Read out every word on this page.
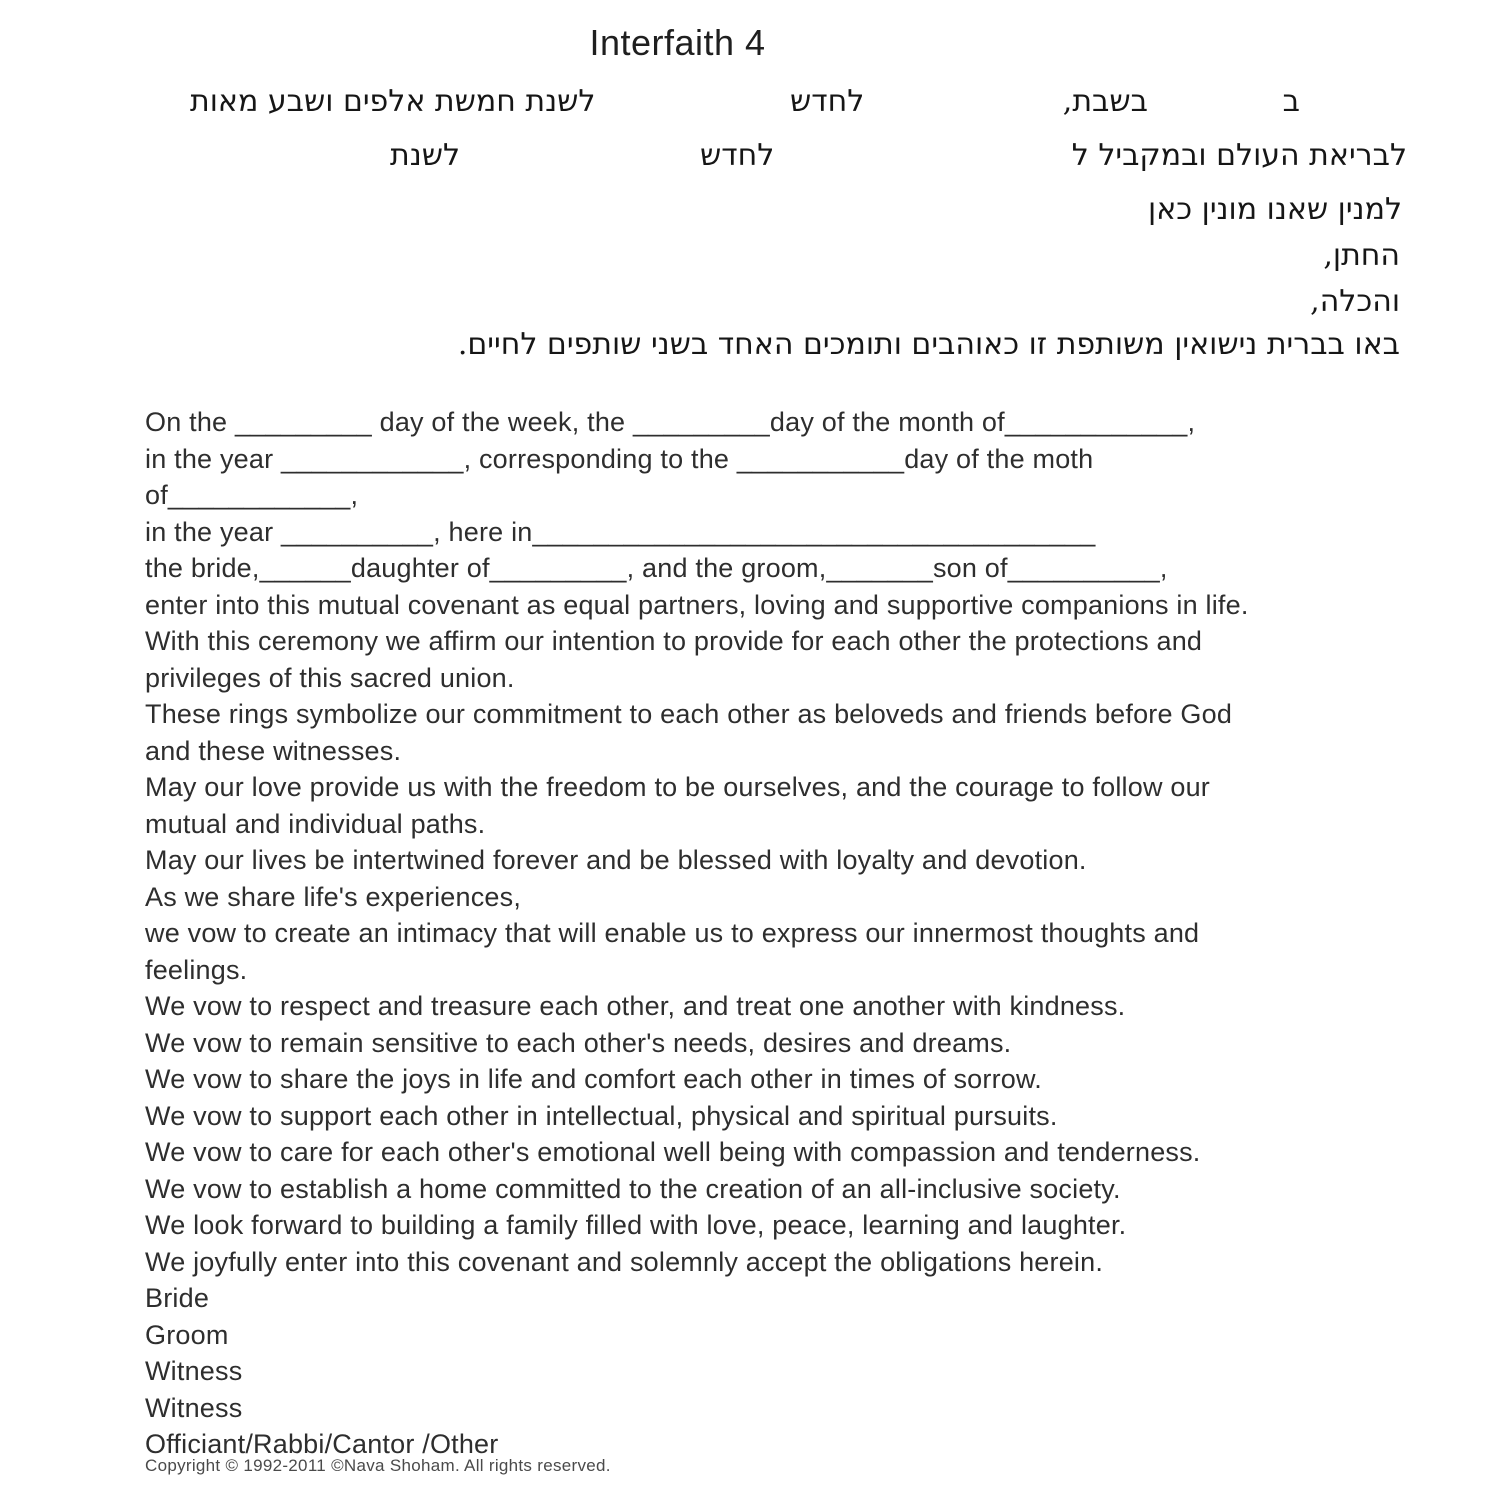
Interfaith 4
ב
בשבת,
לחדש
לשנת חמשת אלפים ושבע מאות
לבריאת העולם ובמקביל ל
לחדש
לשנת
למנין שאנו מונין כאן
החתן,
והכלה,
באו בברית נישואין משותפת זו כאוהבים ותומכים האחד בשני שותפים לחיים.
On the _________ day of the week, the _________day of the month of____________,
in the year ____________, corresponding to the ___________day of the moth
of____________,
in the year __________, here in_____________________________________
the bride,______daughter of_________, and the groom,_______son of__________,
enter into this mutual covenant as equal partners, loving and supportive companions in life.
With this ceremony we affirm our intention to provide for each other the protections and
privileges of this sacred union.
These rings symbolize our commitment to each other as beloveds and friends before God
and these witnesses.
May our love provide us with the freedom to be ourselves, and the courage to follow our
mutual and individual paths.
May our lives be intertwined forever and be blessed with loyalty and devotion.
As we share life's experiences,
we vow to create an intimacy that will enable us to express our innermost thoughts and
feelings.
We vow to respect and treasure each other, and treat one another with kindness.
We vow to remain sensitive to each other's needs, desires and dreams.
We vow to share the joys in life and comfort each other in times of sorrow.
We vow to support each other in intellectual, physical and spiritual pursuits.
We vow to care for each other's emotional well being with compassion and tenderness.
We vow to establish a home committed to the creation of an all-inclusive society.
We look forward to building a family filled with love, peace, learning and laughter.
We joyfully enter into this covenant and solemnly accept the obligations herein.
Bride
Groom
Witness
Witness
Officiant/Rabbi/Cantor /Other
Copyright © 1992-2011 ©Nava Shoham. All rights reserved.
